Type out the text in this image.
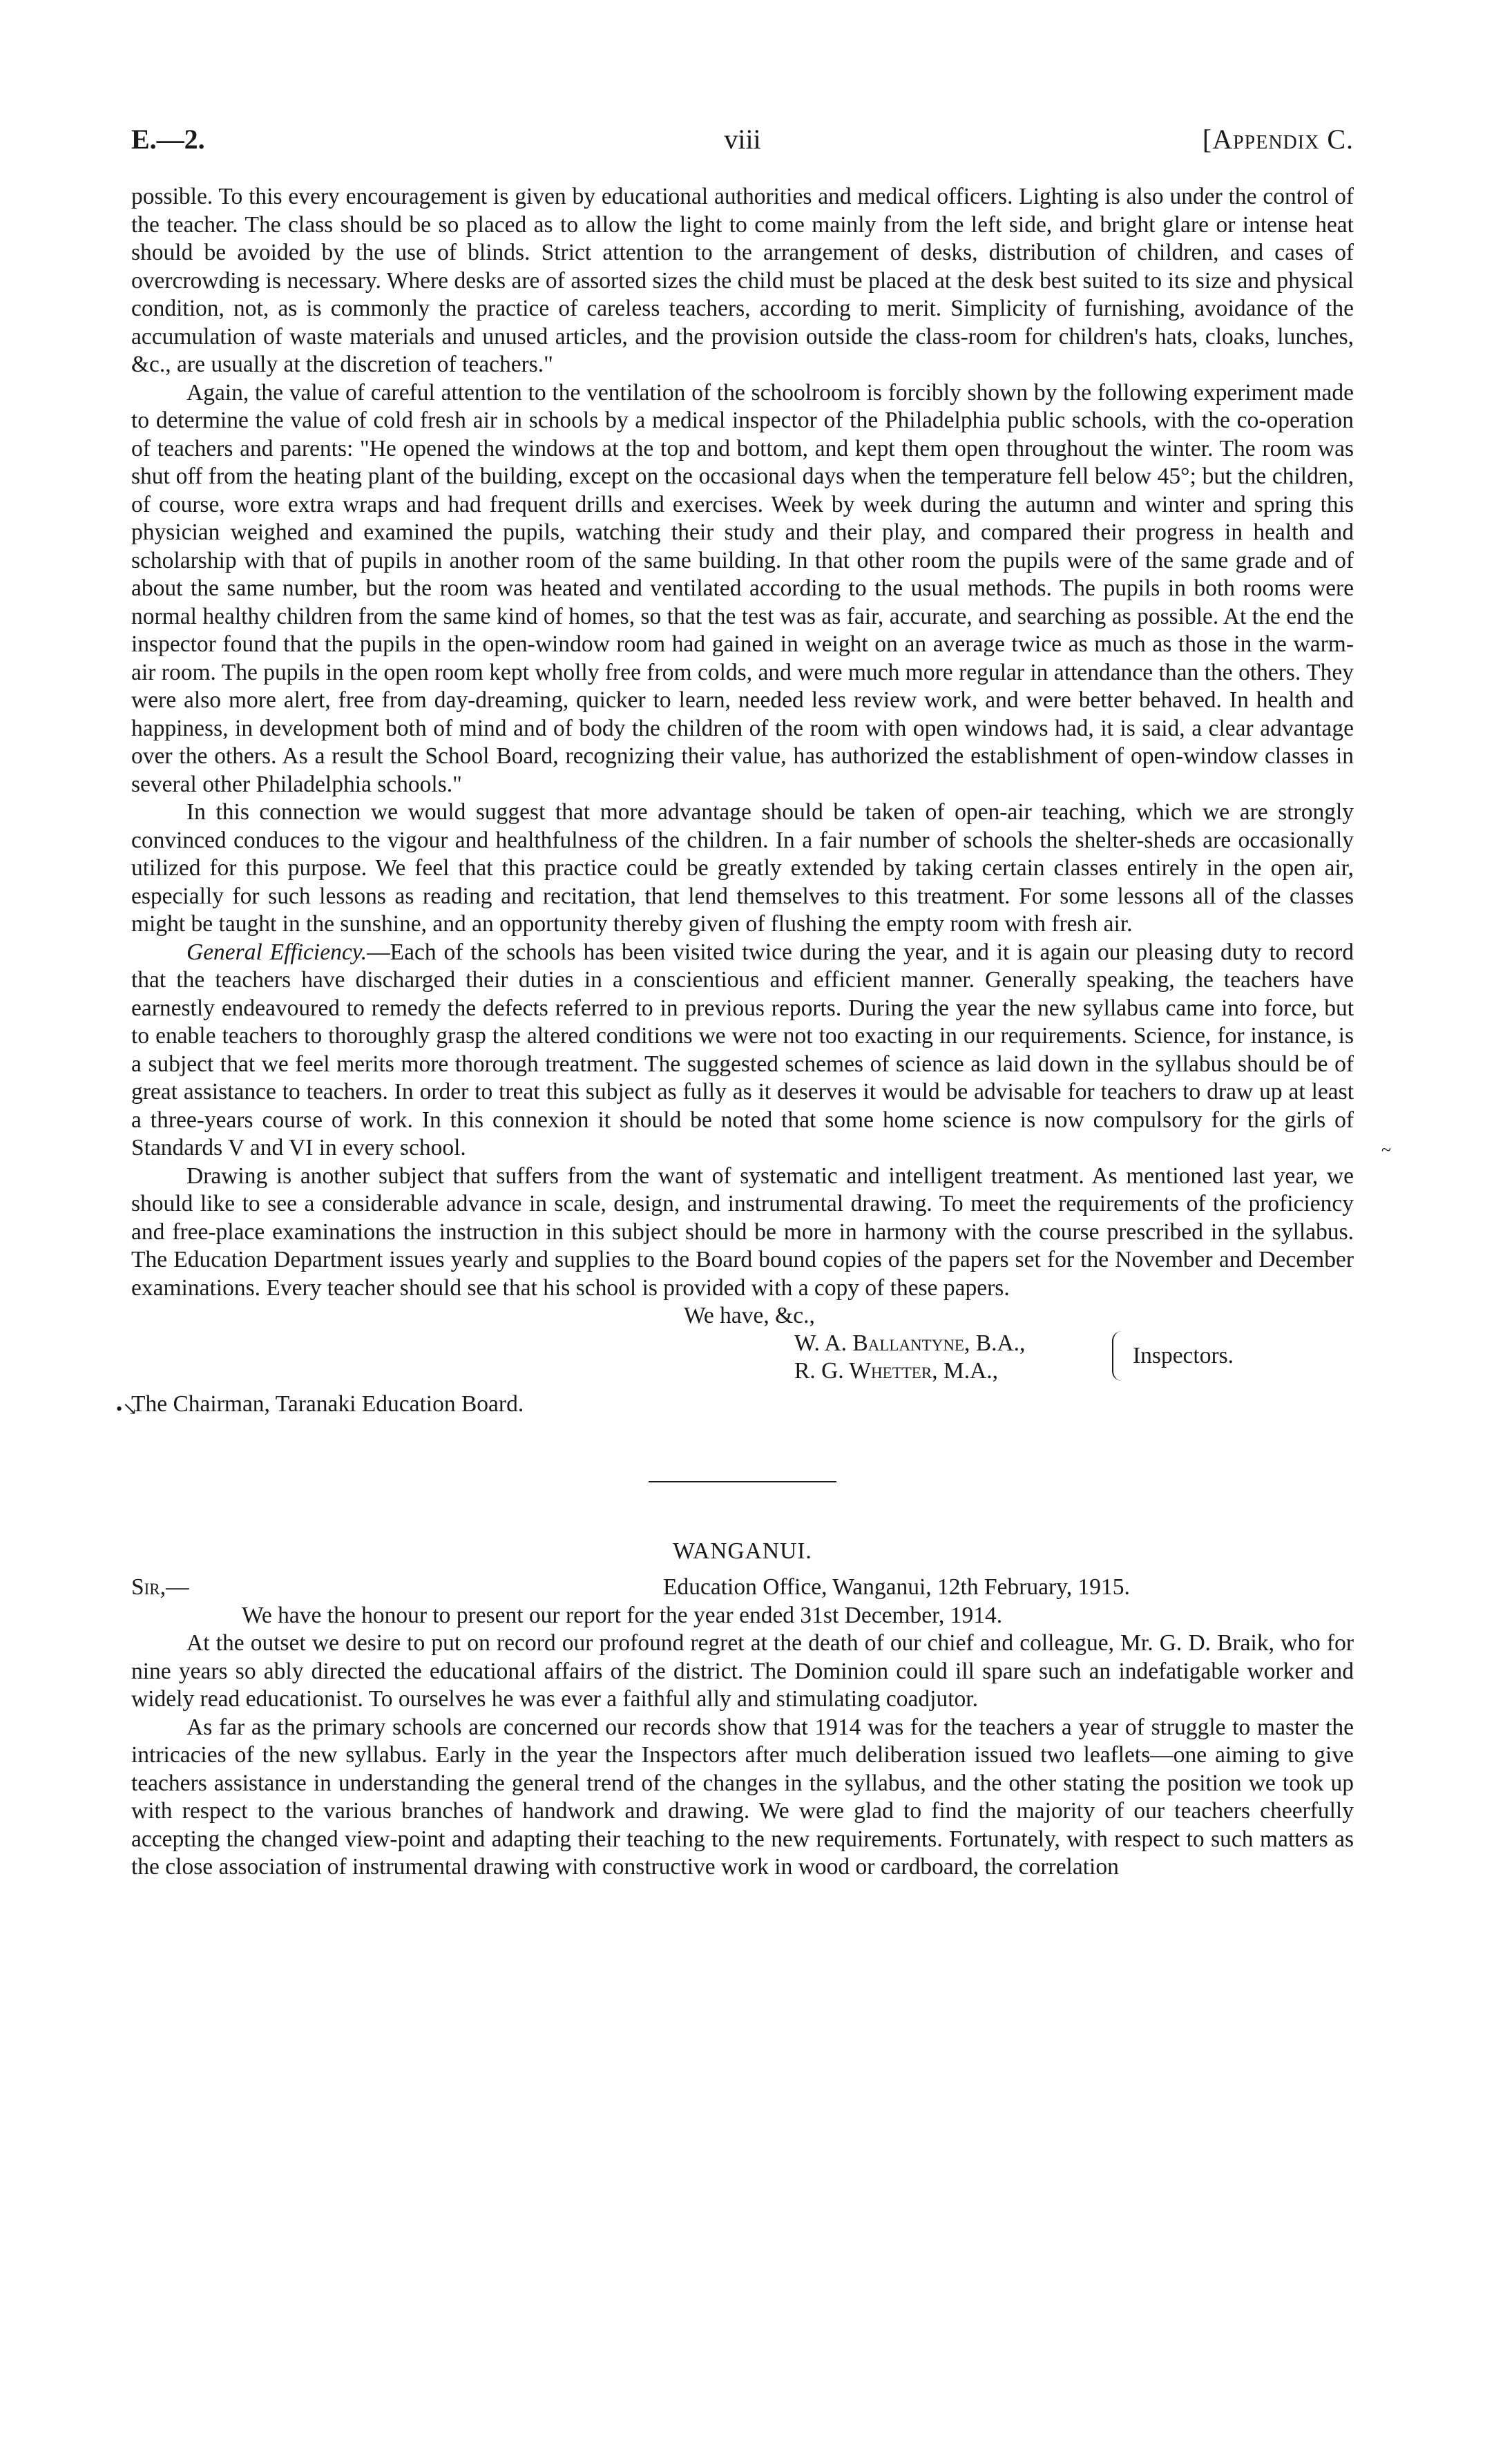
E.—2.	viii	[Appendix C.
•↘
~

possible. To this every encouragement is given by educational authorities and medical officers. Lighting is also under the control of the teacher. The class should be so placed as to allow the light to come mainly from the left side, and bright glare or intense heat should be avoided by the use of blinds. Strict attention to the arrangement of desks, distribution of children, and cases of overcrowding is necessary. Where desks are of assorted sizes the child must be placed at the desk best suited to its size and physical condition, not, as is commonly the practice of careless teachers, according to merit. Simplicity of furnishing, avoidance of the accumulation of waste materials and unused articles, and the provision outside the class-room for children's hats, cloaks, lunches, &c., are usually at the discretion of teachers."

Again, the value of careful attention to the ventilation of the schoolroom is forcibly shown by the following experiment made to determine the value of cold fresh air in schools by a medical inspector of the Philadelphia public schools, with the co-operation of teachers and parents: "He opened the windows at the top and bottom, and kept them open throughout the winter. The room was shut off from the heating plant of the building, except on the occasional days when the temperature fell below 45°; but the children, of course, wore extra wraps and had frequent drills and exercises. Week by week during the autumn and winter and spring this physician weighed and examined the pupils, watching their study and their play, and compared their progress in health and scholarship with that of pupils in another room of the same building. In that other room the pupils were of the same grade and of about the same number, but the room was heated and ventilated according to the usual methods. The pupils in both rooms were normal healthy children from the same kind of homes, so that the test was as fair, accurate, and searching as possible. At the end the inspector found that the pupils in the open-window room had gained in weight on an average twice as much as those in the warm-air room. The pupils in the open room kept wholly free from colds, and were much more regular in attendance than the others. They were also more alert, free from day-dreaming, quicker to learn, needed less review work, and were better behaved. In health and happiness, in development both of mind and of body the children of the room with open windows had, it is said, a clear advantage over the others. As a result the School Board, recognizing their value, has authorized the establishment of open-window classes in several other Philadelphia schools."

In this connection we would suggest that more advantage should be taken of open-air teaching, which we are strongly convinced conduces to the vigour and healthfulness of the children. In a fair number of schools the shelter-sheds are occasionally utilized for this purpose. We feel that this practice could be greatly extended by taking certain classes entirely in the open air, especially for such lessons as reading and recitation, that lend themselves to this treatment. For some lessons all of the classes might be taught in the sunshine, and an opportunity thereby given of flushing the empty room with fresh air.

General Efficiency.—Each of the schools has been visited twice during the year, and it is again our pleasing duty to record that the teachers have discharged their duties in a conscientious and efficient manner. Generally speaking, the teachers have earnestly endeavoured to remedy the defects referred to in previous reports. During the year the new syllabus came into force, but to enable teachers to thoroughly grasp the altered conditions we were not too exacting in our requirements. Science, for instance, is a subject that we feel merits more thorough treatment. The suggested schemes of science as laid down in the syllabus should be of great assistance to teachers. In order to treat this subject as fully as it deserves it would be advisable for teachers to draw up at least a three-years course of work. In this connexion it should be noted that some home science is now compulsory for the girls of Standards V and VI in every school.

Drawing is another subject that suffers from the want of systematic and intelligent treatment. As mentioned last year, we should like to see a considerable advance in scale, design, and instrumental drawing. To meet the requirements of the proficiency and free-place examinations the instruction in this subject should be more in harmony with the course prescribed in the syllabus. The Education Department issues yearly and supplies to the Board bound copies of the papers set for the November and December examinations. Every teacher should see that his school is provided with a copy of these papers.

We have, &c.,
W. A. Ballantyne, B.A.,
R. G. Whetter, M.A.,
Inspectors.

The Chairman, Taranaki Education Board.

WANGANUI.
Sir,—	Education Office, Wanganui, 12th February, 1915.

We have the honour to present our report for the year ended 31st December, 1914.

At the outset we desire to put on record our profound regret at the death of our chief and colleague, Mr. G. D. Braik, who for nine years so ably directed the educational affairs of the district. The Dominion could ill spare such an indefatigable worker and widely read educationist. To ourselves he was ever a faithful ally and stimulating coadjutor.

As far as the primary schools are concerned our records show that 1914 was for the teachers a year of struggle to master the intricacies of the new syllabus. Early in the year the Inspectors after much deliberation issued two leaflets—one aiming to give teachers assistance in understanding the general trend of the changes in the syllabus, and the other stating the position we took up with respect to the various branches of handwork and drawing. We were glad to find the majority of our teachers cheerfully accepting the changed view-point and adapting their teaching to the new requirements. Fortunately, with respect to such matters as the close association of instrumental drawing with constructive work in wood or cardboard, the correlation
